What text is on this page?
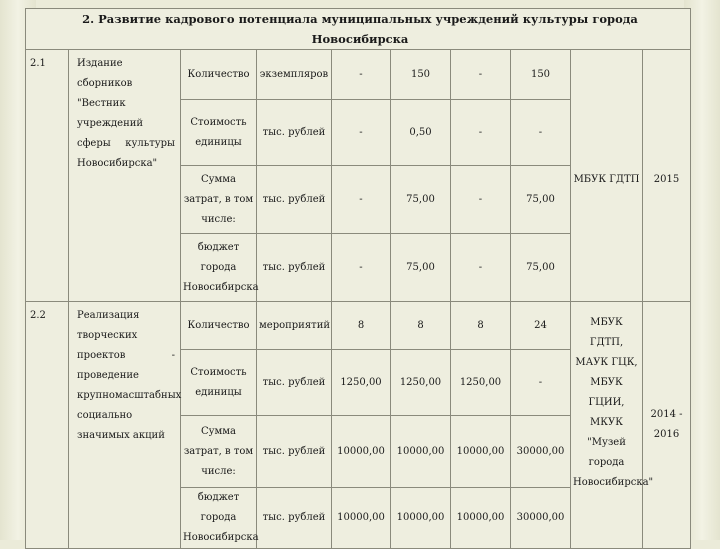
2. Развитие кадрового потенциала муниципальных учреждений культуры города Новосибирска									
2.1	Издание сборников "Вестник учреждений сферы культуры Новосибирска"	Количество	экземпляров	-	150	-	150	МБУК ГДТП	2015
		Стоимость единицы	тыс. рублей	-	0,50	-	-		
		Сумма затрат, в том числе:	тыс. рублей	-	75,00	-	75,00		
		бюджет города Новосибирска	тыс. рублей	-	75,00	-	75,00		
2.2	Реализация творческих проектов - проведение крупномасштабных социально значимых акций	Количество	мероприятий	8	8	8	24	МБУК ГДТП, МАУК ГЦК, МБУК ГЦИИ, МКУК "Музей города Новосибирска"	2014 - 2016
		Стоимость единицы	тыс. рублей	1250,00	1250,00	1250,00	-		
		Сумма затрат, в том числе:	тыс. рублей	10000,00	10000,00	10000,00	30000,00		
		бюджет города Новосибирска	тыс. рублей	10000,00	10000,00	10000,00	30000,00		
